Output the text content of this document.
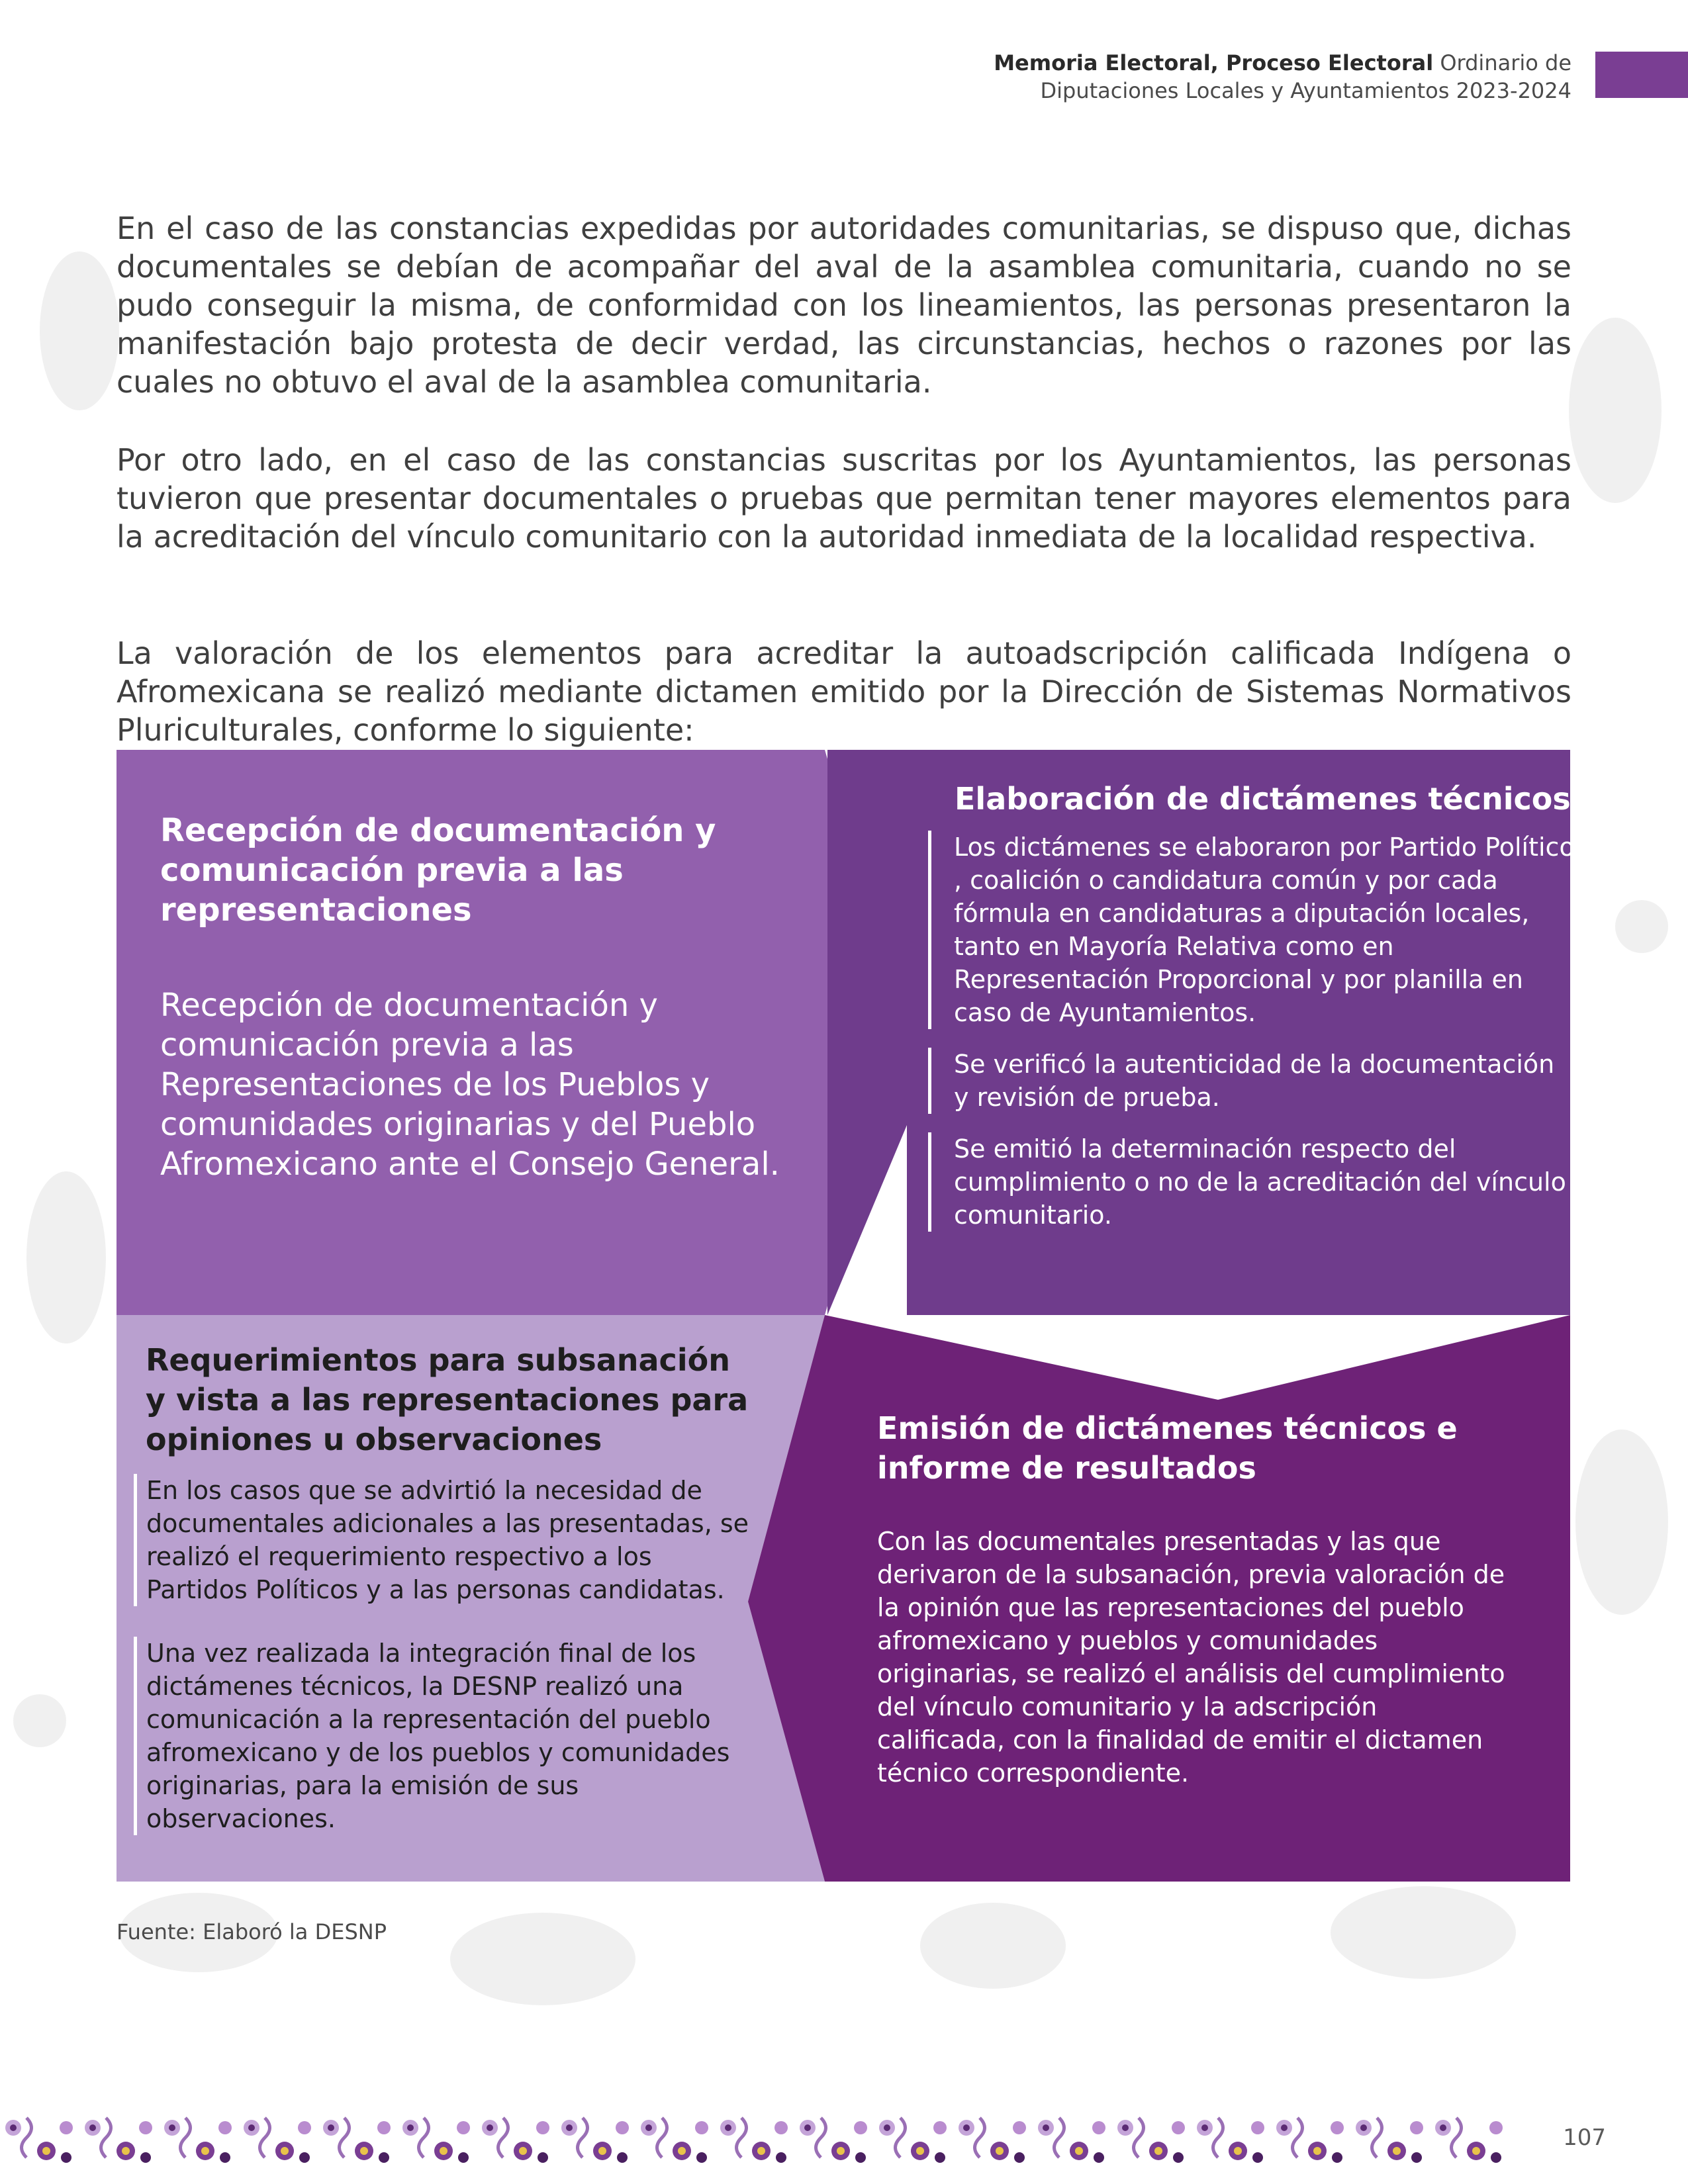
Memoria Electoral, Proceso Electoral Ordinario de
Diputaciones Locales y Ayuntamientos 2023-2024

En el caso de las constancias expedidas por autoridades comunitarias, se dispuso que, dichas documentales se debían de acompañar del aval de la asamblea comunitaria, cuando no se pudo conseguir la misma, de conformidad con los lineamientos, las personas presentaron la manifestación bajo protesta de decir verdad, las circunstancias, hechos o razones por las cuales no obtuvo el aval de la asamblea comunitaria.

Por otro lado, en el caso de las constancias suscritas por los Ayuntamientos, las personas tuvieron que presentar documentales o pruebas que permitan tener mayores elementos para la acreditación del vínculo comunitario con la autoridad inmediata de la localidad respectiva.

La valoración de los elementos para acreditar la autoadscripción calificada Indígena o Afromexicana se realizó mediante dictamen emitido por la Dirección de Sistemas Normativos Pluriculturales, conforme lo siguiente:

Recepción de documentación y comunicación previa a las representaciones

Recepción de documentación y comunicación previa a las Representaciones de los Pueblos y comunidades originarias y del Pueblo Afromexicano ante el Consejo General.

Elaboración de dictámenes técnicos

Los dictámenes se elaboraron por Partido Político , coalición o candidatura común y por cada fórmula en candidaturas a diputación locales, tanto en Mayoría Relativa como en Representación Proporcional y por planilla en caso de Ayuntamientos.

Se verificó la autenticidad de la documentación y revisión de prueba.

Se emitió la determinación respecto del cumplimiento o no de la acreditación del vínculo comunitario.

Requerimientos para subsanación y vista a las representaciones para opiniones u observaciones

En los casos que se advirtió la necesidad de documentales adicionales a las presentadas, se realizó el requerimiento respectivo a los Partidos Políticos y a las personas candidatas.

Una vez realizada la integración final de los dictámenes técnicos, la DESNP realizó una comunicación a la representación del pueblo afromexicano y de los pueblos y comunidades originarias, para la emisión de sus observaciones.

Emisión de dictámenes técnicos e informe de resultados

Con las documentales presentadas y las que derivaron de la subsanación, previa valoración de la opinión que las representaciones del pueblo afromexicano y pueblos y comunidades originarias, se realizó el análisis del cumplimiento del vínculo comunitario y la adscripción calificada, con la finalidad de emitir el dictamen técnico correspondiente.

Fuente: Elaboró la DESNP
107
